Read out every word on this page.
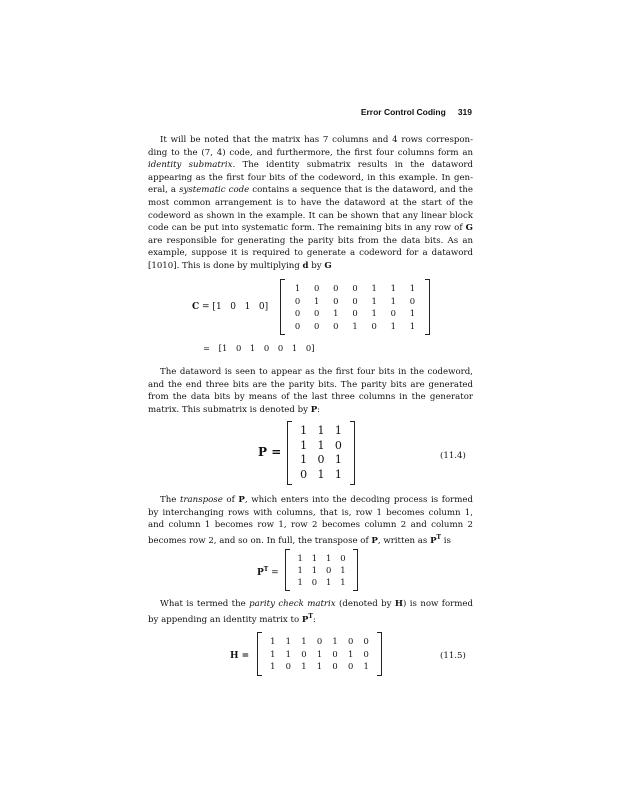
Error Control Coding 319

It will be noted that the matrix has 7 columns and 4 rows correspon-ding to the (7, 4) code, and furthermore, the first four columns form an identity submatrix. The identity submatrix results in the dataword appearing as the first four bits of the codeword, in this example. In gen-eral, a systematic code contains a sequence that is the dataword, and the most common arrangement is to have the dataword at the start of the codeword as shown in the example. It can be shown that any linear block code can be put into systematic form. The remaining bits in any row of G are responsible for generating the parity bits from the data bits. As an example, suppose it is required to generate a codeword for a dataword [1010]. This is done by multiplying d by G

C = [1   0   1   0]
1	0	0	0	1	1	1
0	1	0	0	1	1	0
0	0	1	0	1	0	1
0	0	0	1	0	1	1
= [1 0 1 0 0 1 0]

The dataword is seen to appear as the first four bits in the codeword, and the end three bits are the parity bits. The parity bits are generated from the data bits by means of the last three columns in the generator matrix. This submatrix is denoted by P:

P =
1 1 1
1 1 0
1 0 1
0 1 1
(11.4)

The transpose of P, which enters into the decoding process is formed by interchanging rows with columns, that is, row 1 becomes column 1, and column 1 becomes row 1, row 2 becomes column 2 and column 2 becomes row 2, and so on. In full, the transpose of P, written as $P^T$ is

$P^T$ =
1	1	1	0
1	1	0	1
1	0	1	1

What is termed the parity check matrix (denoted by H) is now formed by appending an identity matrix to $P^T$:

H =
1	1	1	0	1	0	0
1	1	0	1	0	1	0
1	0	1	1	0	0	1
(11.5)
